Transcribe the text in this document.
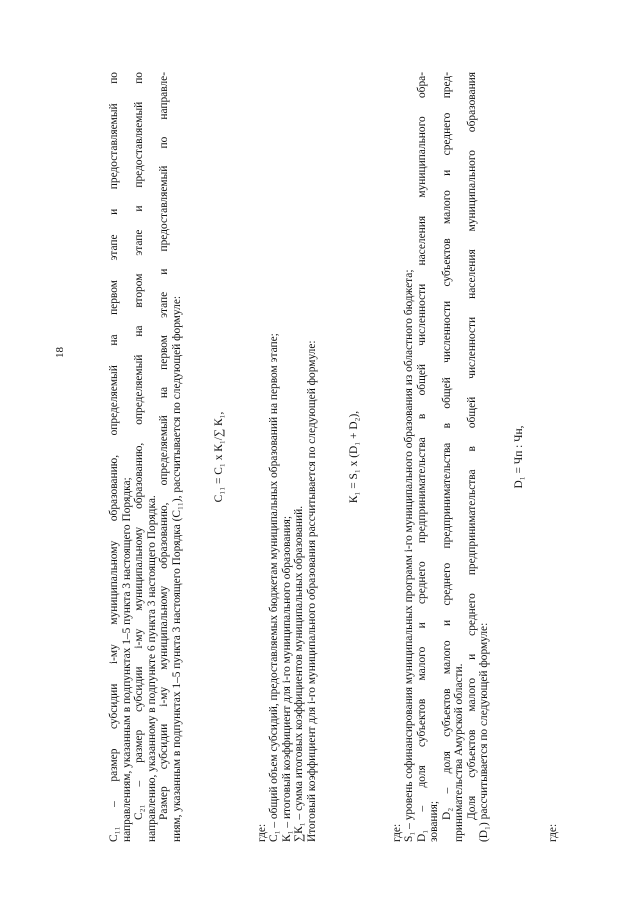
18	С₁₁ – размер субсидии i-му муниципальному образованию, определяемый на первом этапе и предоставляемый по направлениям, указанным в подпунктах 1–5 пункта 3 настоящего Порядка; С₂₁ – размер субсидии i-му муниципальному образованию, определяемый на втором этапе и предоставляемый по направлению, указанному в подпункте 6 пункта 3 настоящего Порядка. Размер субсидии i-му муниципальному образованию, определяемый на первом этапе и предоставляемый по направле- ниям, указанным в подпунктах 1–5 пункта 3 настоящего Порядка (С₁₁), рассчитывается по следующей формуле:	С₁₁ = С₁ х К₁/∑ К₁,

где: С₁ – общий объем субсидий, предоставляемых бюджетам муниципальных образований на первом этапе; К₁ – итоговый коэффициент для i-го муниципального образования; ∑К₁ – сумма итоговых коэффициентов муниципальных образований. Итоговый коэффициент для i-го муниципального образования рассчитывается по следующей формуле:	К₁ = S₁ х (D₁ + D₂),

где: S₁ – уровень софинансирования муниципальных программ i-го муниципального образования из областного бюджета; D₁ – доля субъектов малого и среднего предпринимательства в общей численности населения муниципального обра- зования;

D₂ – доля субъектов малого и среднего предпринимательства в общей численности субъектов малого и среднего пред- принимательства Амурской области. Доля субъектов малого и среднего предпринимательства в общей численности населения муниципального образования (D₁) рассчитывается по следующей формуле:

D₁ = Чп : Чн,

где:
